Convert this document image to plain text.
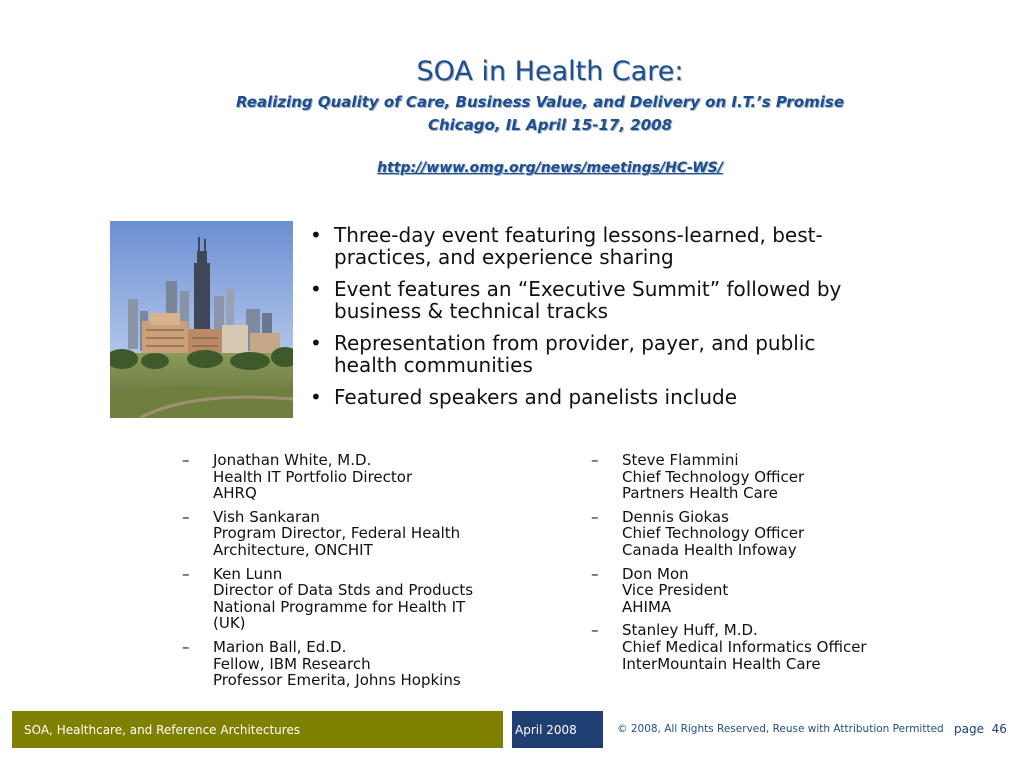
SOA in Health Care:
Realizing Quality of Care, Business Value, and Delivery on I.T.’s Promise
Chicago, IL April 15-17, 2008
http://www.omg.org/news/meetings/HC-WS/
• Three-day event featuring lessons-learned, best-
practices, and experience sharing
• Event features an “Executive Summit” followed by
business & technical tracks
• Representation from provider, payer, and public
health communities
• Featured speakers and panelists include
– Jonathan White, M.D.
Health IT Portfolio Director
AHRQ
– Vish Sankaran
Program Director, Federal Health
Architecture, ONCHIT
– Ken Lunn
Director of Data Stds and Products
National Programme for Health IT
(UK)
– Marion Ball, Ed.D.
Fellow, IBM Research
Professor Emerita, Johns Hopkins
– Steve Flammini
Chief Technology Officer
Partners Health Care
– Dennis Giokas
Chief Technology Officer
Canada Health Infoway
– Don Mon
Vice President
AHIMA
– Stanley Huff, M.D.
Chief Medical Informatics Officer
InterMountain Health Care
SOA, Healthcare, and Reference Architectures	April 2008	© 2008, All Rights Reserved, Reuse with Attribution Permitted page 46
